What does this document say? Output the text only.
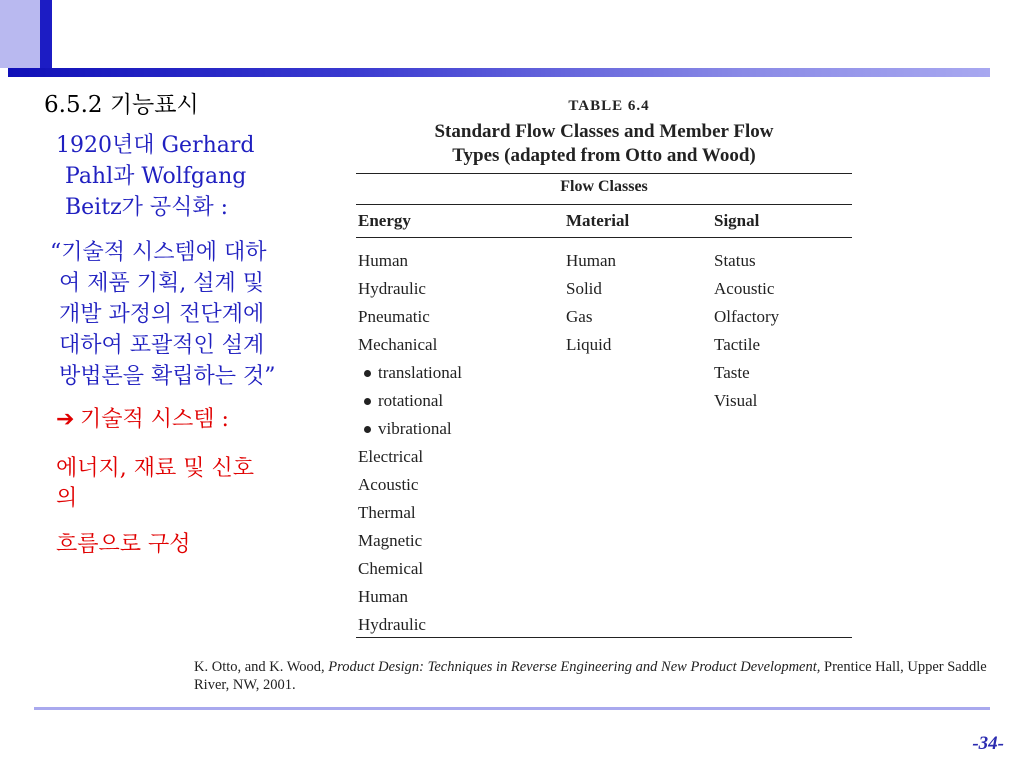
6.5.2 기능표시
1920년대 Gerhard
Pahl과 Wolfgang
Beitz가 공식화 :
“기술적 시스템에 대하
여 제품 기획, 설계 및
개발 과정의 전단계에
대하여 포괄적인 설계
방법론을 확립하는 것”
➔ 기술적 시스템 :
에너지, 재료 및 신호
의
흐름으로 구성
TABLE 6.4
Standard Flow Classes and Member Flow
Types (adapted from Otto and Wood)
Flow Classes
Energy	Material	Signal
Human
Hydraulic
Pneumatic
Mechanical
translational
rotational
vibrational
Electrical
Acoustic
Thermal
Magnetic
Chemical
Human
Hydraulic
Human
Solid
Gas
Liquid
Status
Acoustic
Olfactory
Tactile
Taste
Visual
K. Otto, and K. Wood, Product Design: Techniques in Reverse Engineering and New Product Development, Prentice Hall, Upper Saddle River, NW, 2001.
-34-
